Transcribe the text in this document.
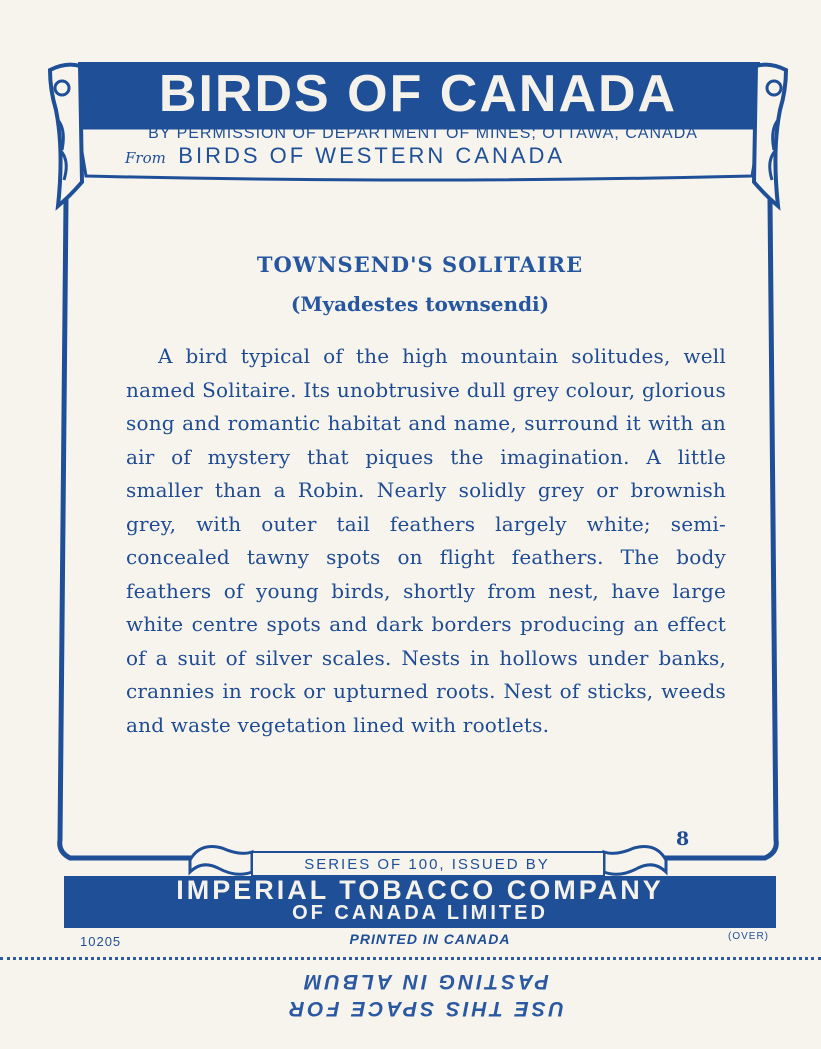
BIRDS OF CANADA
BY PERMISSION OF DEPARTMENT OF MINES; OTTAWA, CANADA
From BIRDS OF WESTERN CANADA
TOWNSEND'S SOLITAIRE
(Myadestes townsendi)

A bird typical of the high mountain solitudes, well named Solitaire. Its unobtrusive dull grey colour, glorious song and romantic habitat and name, surround it with an air of mystery that piques the imagination. A little smaller than a Robin. Nearly solidly grey or brownish grey, with outer tail feathers largely white; semi-concealed tawny spots on flight feathers. The body feathers of young birds, shortly from nest, have large white centre spots and dark borders producing an effect of a suit of silver scales. Nests in hollows under banks, crannies in rock or upturned roots. Nest of sticks, weeds and waste vegetation lined with rootlets.

8
SERIES OF 100, ISSUED BY
IMPERIAL TOBACCO COMPANY
OF CANADA LIMITED
10205	PRINTED IN CANADA	(OVER)
USE THIS SPACE FOR
PASTING IN ALBUM
